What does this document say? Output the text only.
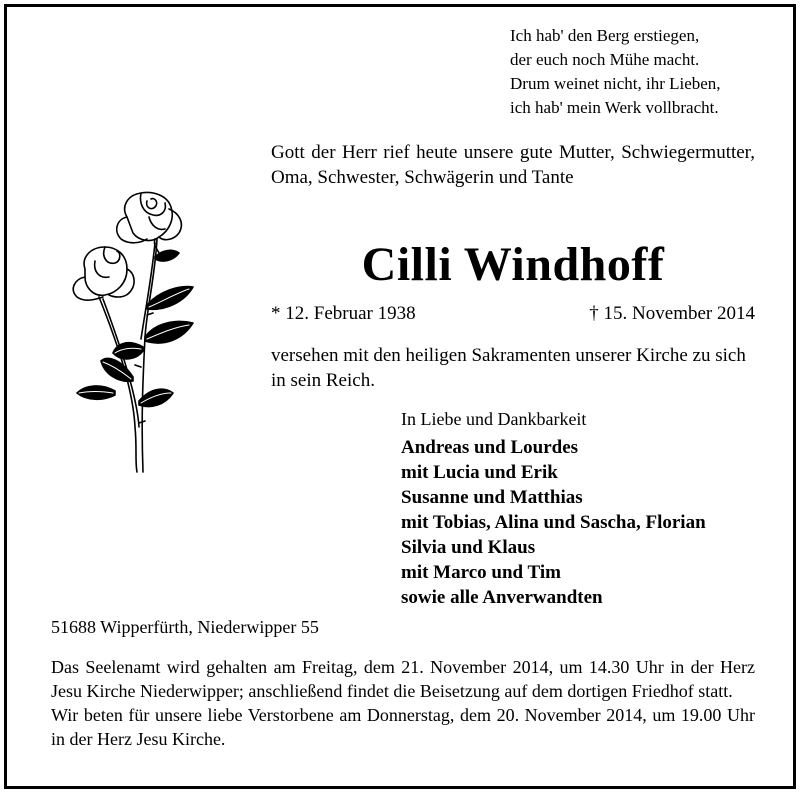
Ich hab' den Berg erstiegen,
der euch noch Mühe macht.
Drum weinet nicht, ihr Lieben,
ich hab' mein Werk vollbracht.
Gott der Herr rief heute unsere gute Mutter, Schwiegermutter, Oma, Schwester, Schwägerin und Tante
Cilli Windhoff
* 12. Februar 1938	† 15. November 2014
versehen mit den heiligen Sakramenten unserer Kirche zu sich in sein Reich.
In Liebe und Dankbarkeit
Andreas und Lourdes
mit Lucia und Erik
Susanne und Matthias
mit Tobias, Alina und Sascha, Florian
Silvia und Klaus
mit Marco und Tim
sowie alle Anverwandten
51688 Wipperfürth, Niederwipper 55

Das Seelenamt wird gehalten am Freitag, dem 21. November 2014, um 14.30 Uhr in der Herz Jesu Kirche Niederwipper; anschließend findet die Beisetzung auf dem dortigen Friedhof statt.

Wir beten für unsere liebe Verstorbene am Donnerstag, dem 20. November 2014, um 19.00 Uhr in der Herz Jesu Kirche.
